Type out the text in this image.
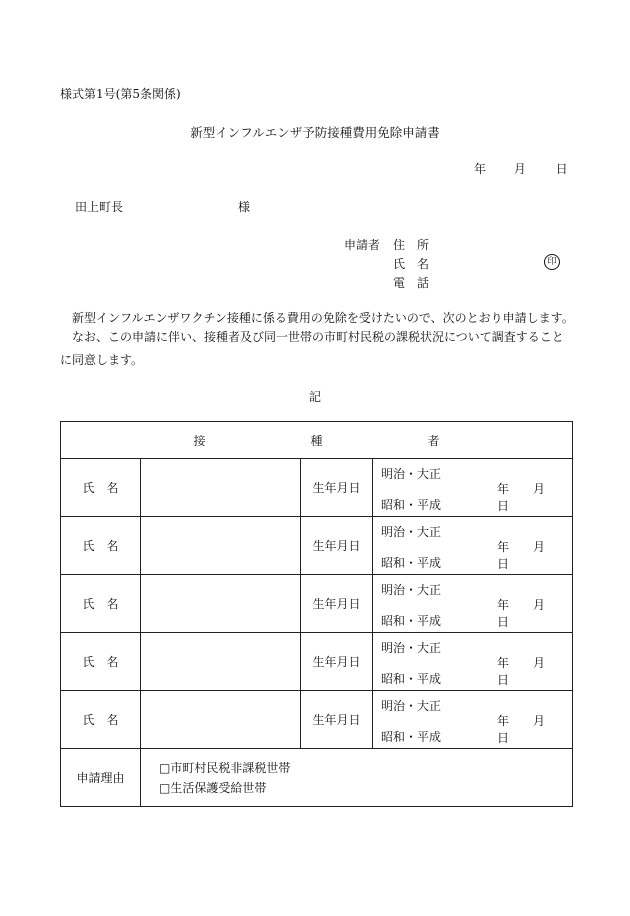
様式第1号(第5条関係)
新型インフルエンザ予防接種費用免除申請書
年 月 日
田上町長	様
申請者 住　所
氏　名
電　話
印
新型インフルエンザワクチン接種に係る費用の免除を受けたいので、次のとおり申請します。
なお、この申請に伴い、接種者及び同一世帯の市町村民税の課税状況について調査することに同意します。
記
接 種 者			
氏　名		生年月日	明治・大正
昭和・平成
年 月日

氏　名		生年月日	明治・大正
昭和・平成
年 月日

氏　名		生年月日	明治・大正
昭和・平成
年 月日

氏　名		生年月日	明治・大正
昭和・平成
年 月日

氏　名		生年月日	明治・大正
昭和・平成
年 月日

申請理由	□市町村民税非課税世帯
□生活保護受給世帯		
